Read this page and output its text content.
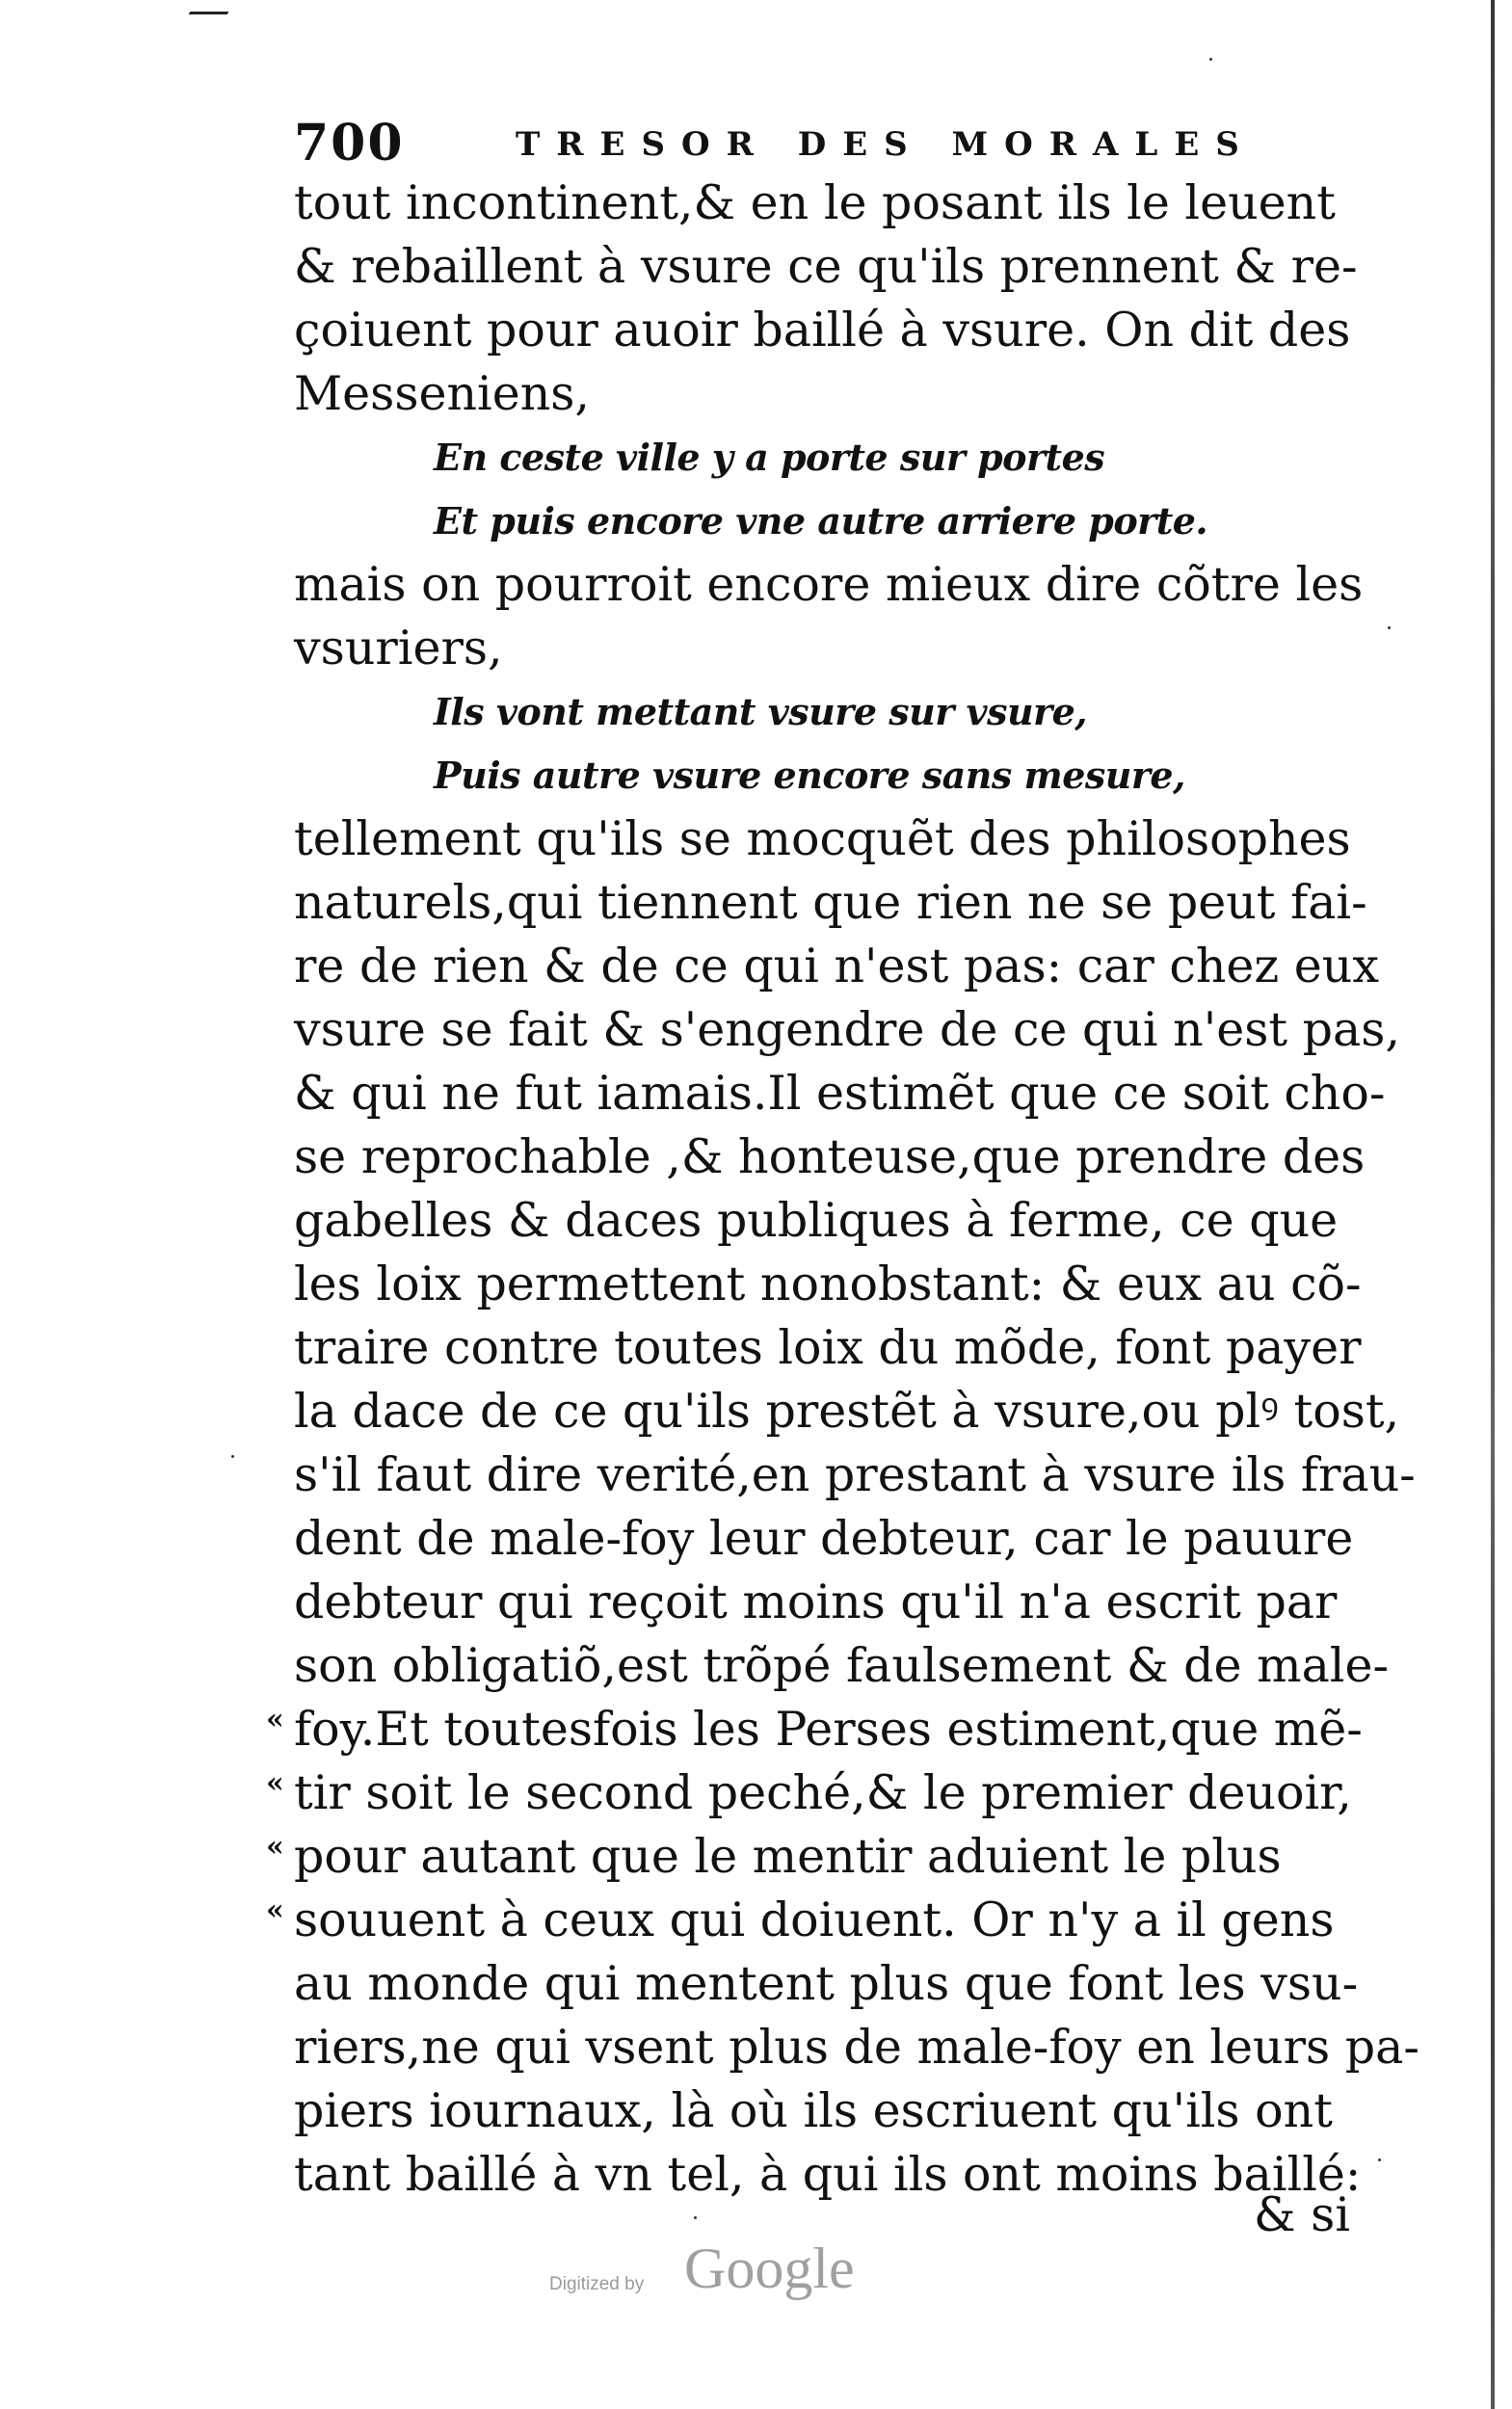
700	TRESOR DES MORALES
tout incontinent,& en le posant ils le leuent
& rebaillent à vsure ce qu'ils prennent & re-
çoiuent pour auoir baillé à vsure. On dit des
Messeniens,
En ceste ville y a porte sur portes
Et puis encore vne autre arriere porte.
mais on pourroit encore mieux dire cõtre les
vsuriers,
Ils vont mettant vsure sur vsure,
Puis autre vsure encore sans mesure,
tellement qu'ils se mocquẽt des philosophes
naturels,qui tiennent que rien ne se peut fai-
re de rien & de ce qui n'est pas: car chez eux
vsure se fait & s'engendre de ce qui n'est pas,
& qui ne fut iamais.Il estimẽt que ce soit cho-
se reprochable ,& honteuse,que prendre des
gabelles & daces publiques à ferme, ce que
les loix permettent nonobstant: & eux au cõ-
traire contre toutes loix du mõde, font payer
la dace de ce qu'ils prestẽt à vsure,ou plꝰ tost,
s'il faut dire verité,en prestant à vsure ils frau-
dent de male-foy leur debteur, car le pauure
debteur qui reçoit moins qu'il n'a escrit par
son obligatiõ,est trõpé faulsement & de male-
foy.Et toutesfois les Perses estiment,que mẽ-
tir soit le second peché,& le premier deuoir,
pour autant que le mentir aduient le plus
souuent à ceux qui doiuent. Or n'y a il gens
au monde qui mentent plus que font les vsu-
riers,ne qui vsent plus de male-foy en leurs pa-
piers iournaux, là où ils escriuent qu'ils ont
tant baillé à vn tel, à qui ils ont moins baillé:
«
«
«
«
& si
Digitized by Google
